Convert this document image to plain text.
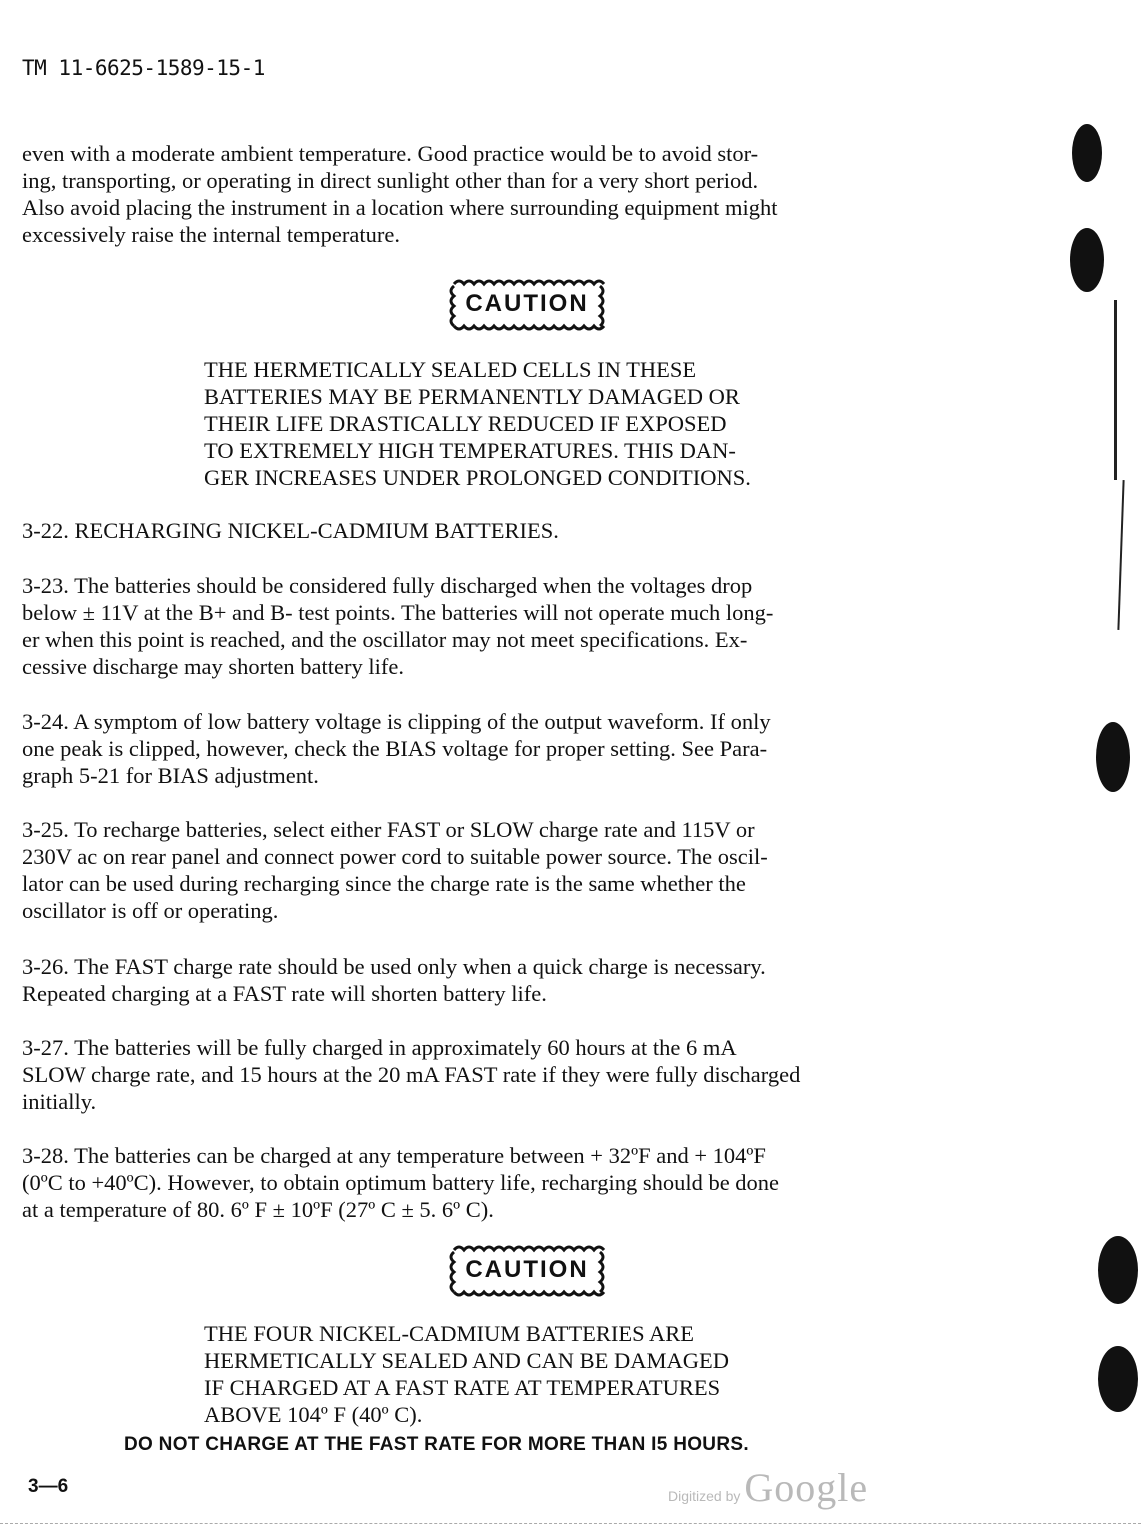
TM 11-6625-1589-15-1

even with a moderate ambient temperature. Good practice would be to avoid stor-

ing, transporting, or operating in direct sunlight other than for a very short period.

Also avoid placing the instrument in a location where surrounding equipment might

excessively raise the internal temperature.

CAUTION

THE HERMETICALLY SEALED CELLS IN THESE

BATTERIES MAY BE PERMANENTLY DAMAGED OR

THEIR LIFE DRASTICALLY REDUCED IF EXPOSED

TO EXTREMELY HIGH TEMPERATURES. THIS DAN-

GER INCREASES UNDER PROLONGED CONDITIONS.

3-22. RECHARGING NICKEL-CADMIUM BATTERIES.

3-23. The batteries should be considered fully discharged when the voltages drop

below ± 11V at the B+ and B- test points. The batteries will not operate much long-

er when this point is reached, and the oscillator may not meet specifications. Ex-

cessive discharge may shorten battery life.

3-24. A symptom of low battery voltage is clipping of the output waveform. If only

one peak is clipped, however, check the BIAS voltage for proper setting. See Para-

graph 5-21 for BIAS adjustment.

3-25. To recharge batteries, select either FAST or SLOW charge rate and 115V or

230V ac on rear panel and connect power cord to suitable power source. The oscil-

lator can be used during recharging since the charge rate is the same whether the

oscillator is off or operating.

3-26. The FAST charge rate should be used only when a quick charge is necessary.

Repeated charging at a FAST rate will shorten battery life.

3-27. The batteries will be fully charged in approximately 60 hours at the 6 mA

SLOW charge rate, and 15 hours at the 20 mA FAST rate if they were fully discharged

initially.

3-28. The batteries can be charged at any temperature between + 32ºF and + 104ºF

(0ºC to +40ºC). However, to obtain optimum battery life, recharging should be done

at a temperature of 80. 6º F ± 10ºF (27º C ± 5. 6º C).

CAUTION

THE FOUR NICKEL-CADMIUM BATTERIES ARE

HERMETICALLY SEALED AND CAN BE DAMAGED

IF CHARGED AT A FAST RATE AT TEMPERATURES

ABOVE 104º F (40º C).

DO NOT CHARGE AT THE FAST RATE FOR MORE THAN I5 HOURS.
3—6	Digitized by Google
